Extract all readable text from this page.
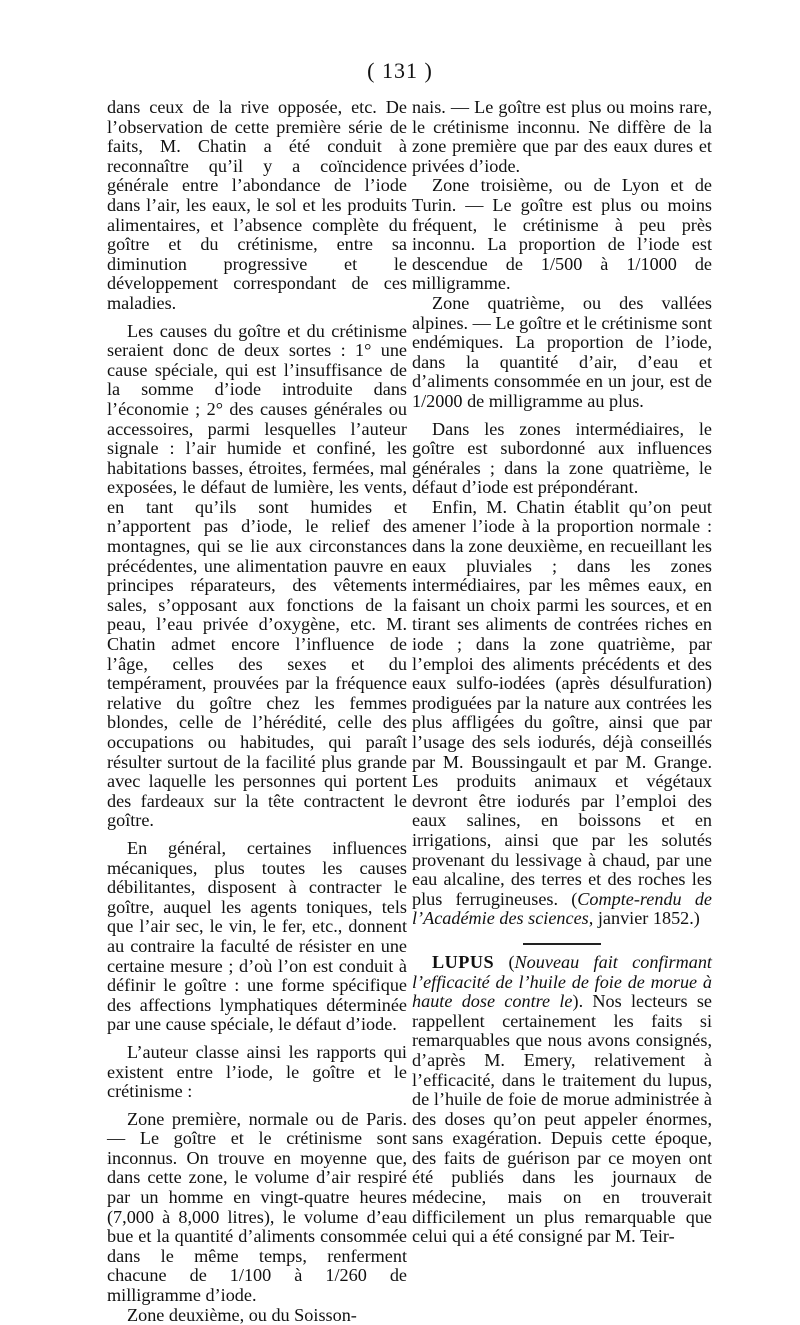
( 131 )

dans ceux de la rive opposée, etc. De l’observation de cette première série de faits, M. Chatin a été conduit à reconnaître qu’il y a coïncidence générale entre l’abondance de l’iode dans l’air, les eaux, le sol et les produits alimentaires, et l’absence complète du goître et du crétinisme, entre sa diminution progressive et le développement correspondant de ces maladies.

Les causes du goître et du crétinisme seraient donc de deux sortes : 1° une cause spéciale, qui est l’insuffisance de la somme d’iode introduite dans l’économie ; 2° des causes générales ou accessoires, parmi lesquelles l’auteur signale : l’air humide et confiné, les habitations basses, étroites, fermées, mal exposées, le défaut de lumière, les vents, en tant qu’ils sont humides et n’apportent pas d’iode, le relief des montagnes, qui se lie aux circonstances précédentes, une alimentation pauvre en principes réparateurs, des vêtements sales, s’opposant aux fonctions de la peau, l’eau privée d’oxygène, etc. M. Chatin admet encore l’influence de l’âge, celles des sexes et du tempérament, prouvées par la fréquence relative du goître chez les femmes blondes, celle de l’hérédité, celle des occupations ou habitudes, qui paraît résulter surtout de la facilité plus grande avec laquelle les personnes qui portent des fardeaux sur la tête contractent le goître.

En général, certaines influences mécaniques, plus toutes les causes débilitantes, disposent à contracter le goître, auquel les agents toniques, tels que l’air sec, le vin, le fer, etc., donnent au contraire la faculté de résister en une certaine mesure ; d’où l’on est conduit à définir le goître : une forme spécifique des affections lymphatiques déterminée par une cause spéciale, le défaut d’iode.

L’auteur classe ainsi les rapports qui existent entre l’iode, le goître et le crétinisme :

Zone première, normale ou de Paris. — Le goître et le crétinisme sont inconnus. On trouve en moyenne que, dans cette zone, le volume d’air respiré par un homme en vingt-quatre heures (7,000 à 8,000 litres), le volume d’eau bue et la quantité d’aliments consommée dans le même temps, renferment chacune de 1/100 à 1/260 de milligramme d’iode.

Zone deuxième, ou du Soisson-

nais. — Le goître est plus ou moins rare, le crétinisme inconnu. Ne diffère de la zone première que par des eaux dures et privées d’iode.

Zone troisième, ou de Lyon et de Turin. — Le goître est plus ou moins fréquent, le crétinisme à peu près inconnu. La proportion de l’iode est descendue de 1/500 à 1/1000 de milligramme.

Zone quatrième, ou des vallées alpines. — Le goître et le crétinisme sont endémiques. La proportion de l’iode, dans la quantité d’air, d’eau et d’aliments consommée en un jour, est de 1/2000 de milligramme au plus.

Dans les zones intermédiaires, le goître est subordonné aux influences générales ; dans la zone quatrième, le défaut d’iode est prépondérant.

Enfin, M. Chatin établit qu’on peut amener l’iode à la proportion normale : dans la zone deuxième, en recueillant les eaux pluviales ; dans les zones intermédiaires, par les mêmes eaux, en faisant un choix parmi les sources, et en tirant ses aliments de contrées riches en iode ; dans la zone quatrième, par l’emploi des aliments précédents et des eaux sulfo-iodées (après désulfuration) prodiguées par la nature aux contrées les plus affligées du goître, ainsi que par l’usage des sels iodurés, déjà conseillés par M. Boussingault et par M. Grange. Les produits animaux et végétaux devront être iodurés par l’emploi des eaux salines, en boissons et en irrigations, ainsi que par les solutés provenant du lessivage à chaud, par une eau alcaline, des terres et des roches les plus ferrugineuses. (Compte-rendu de l’Académie des sciences, janvier 1852.)

LUPUS (Nouveau fait confirmant l’efficacité de l’huile de foie de morue à haute dose contre le). Nos lecteurs se rappellent certainement les faits si remarquables que nous avons consignés, d’après M. Emery, relativement à l’efficacité, dans le traitement du lupus, de l’huile de foie de morue administrée à des doses qu’on peut appeler énormes, sans exagération. Depuis cette époque, des faits de guérison par ce moyen ont été publiés dans les journaux de médecine, mais on en trouverait difficilement un plus remarquable que celui qui a été consigné par M. Teir-
